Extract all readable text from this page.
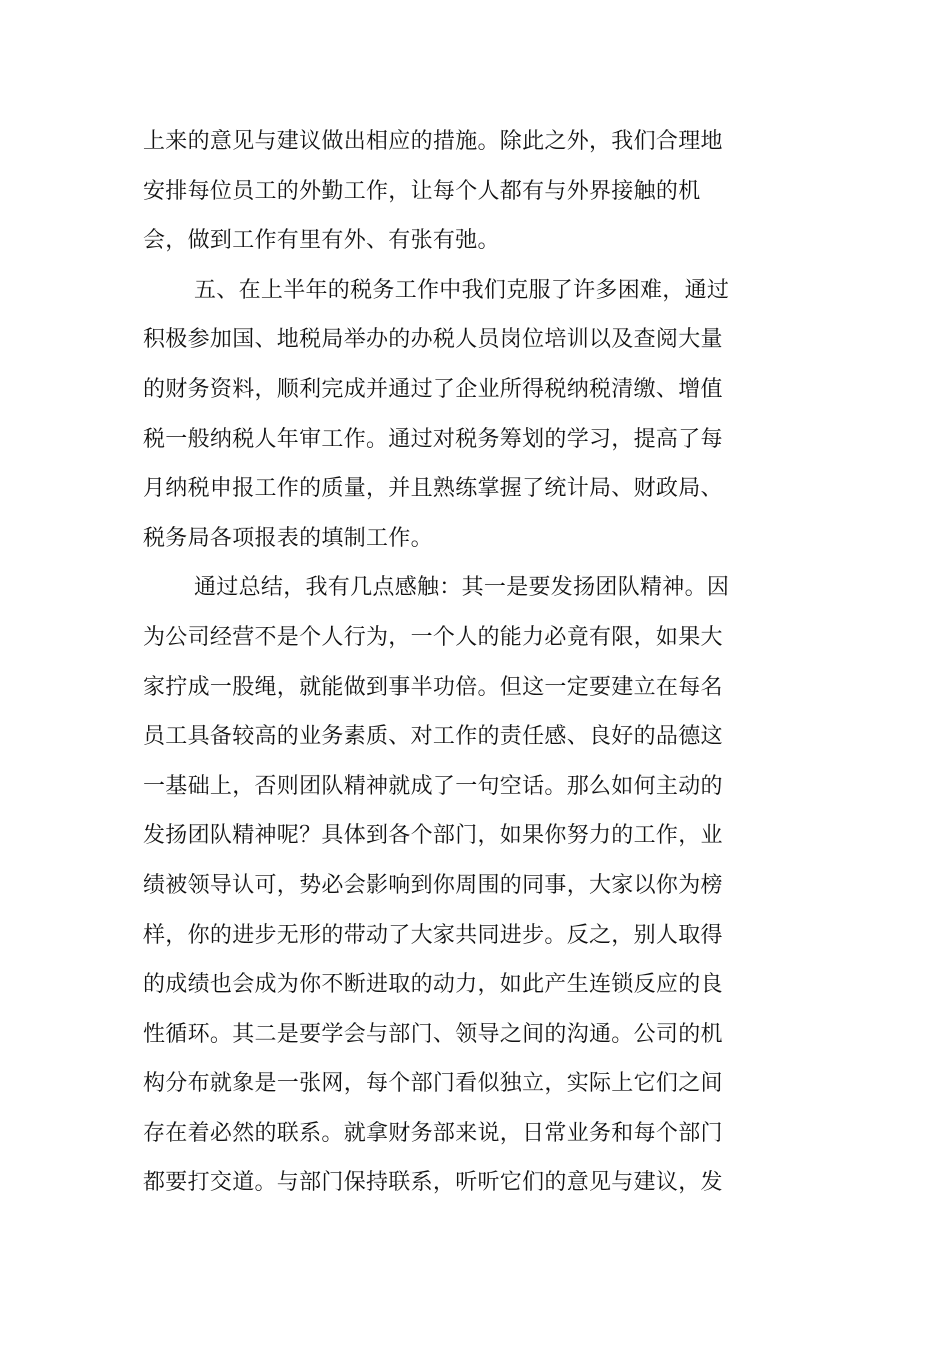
上来的意见与建议做出相应的措施。除此之外，我们合理地
安排每位员工的外勤工作，让每个人都有与外界接触的机
会，做到工作有里有外、有张有弛。
五、在上半年的税务工作中我们克服了许多困难，通过
积极参加国、地税局举办的办税人员岗位培训以及查阅大量
的财务资料，顺利完成并通过了企业所得税纳税清缴、增值
税一般纳税人年审工作。通过对税务筹划的学习，提高了每
月纳税申报工作的质量，并且熟练掌握了统计局、财政局、
税务局各项报表的填制工作。
通过总结，我有几点感触：其一是要发扬团队精神。因
为公司经营不是个人行为，一个人的能力必竟有限，如果大
家拧成一股绳，就能做到事半功倍。但这一定要建立在每名
员工具备较高的业务素质、对工作的责任感、良好的品德这
一基础上，否则团队精神就成了一句空话。那么如何主动的
发扬团队精神呢？具体到各个部门，如果你努力的工作，业
绩被领导认可，势必会影响到你周围的同事，大家以你为榜
样，你的进步无形的带动了大家共同进步。反之，别人取得
的成绩也会成为你不断进取的动力，如此产生连锁反应的良
性循环。其二是要学会与部门、领导之间的沟通。公司的机
构分布就象是一张网，每个部门看似独立，实际上它们之间
存在着必然的联系。就拿财务部来说，日常业务和每个部门
都要打交道。与部门保持联系，听听它们的意见与建议，发
